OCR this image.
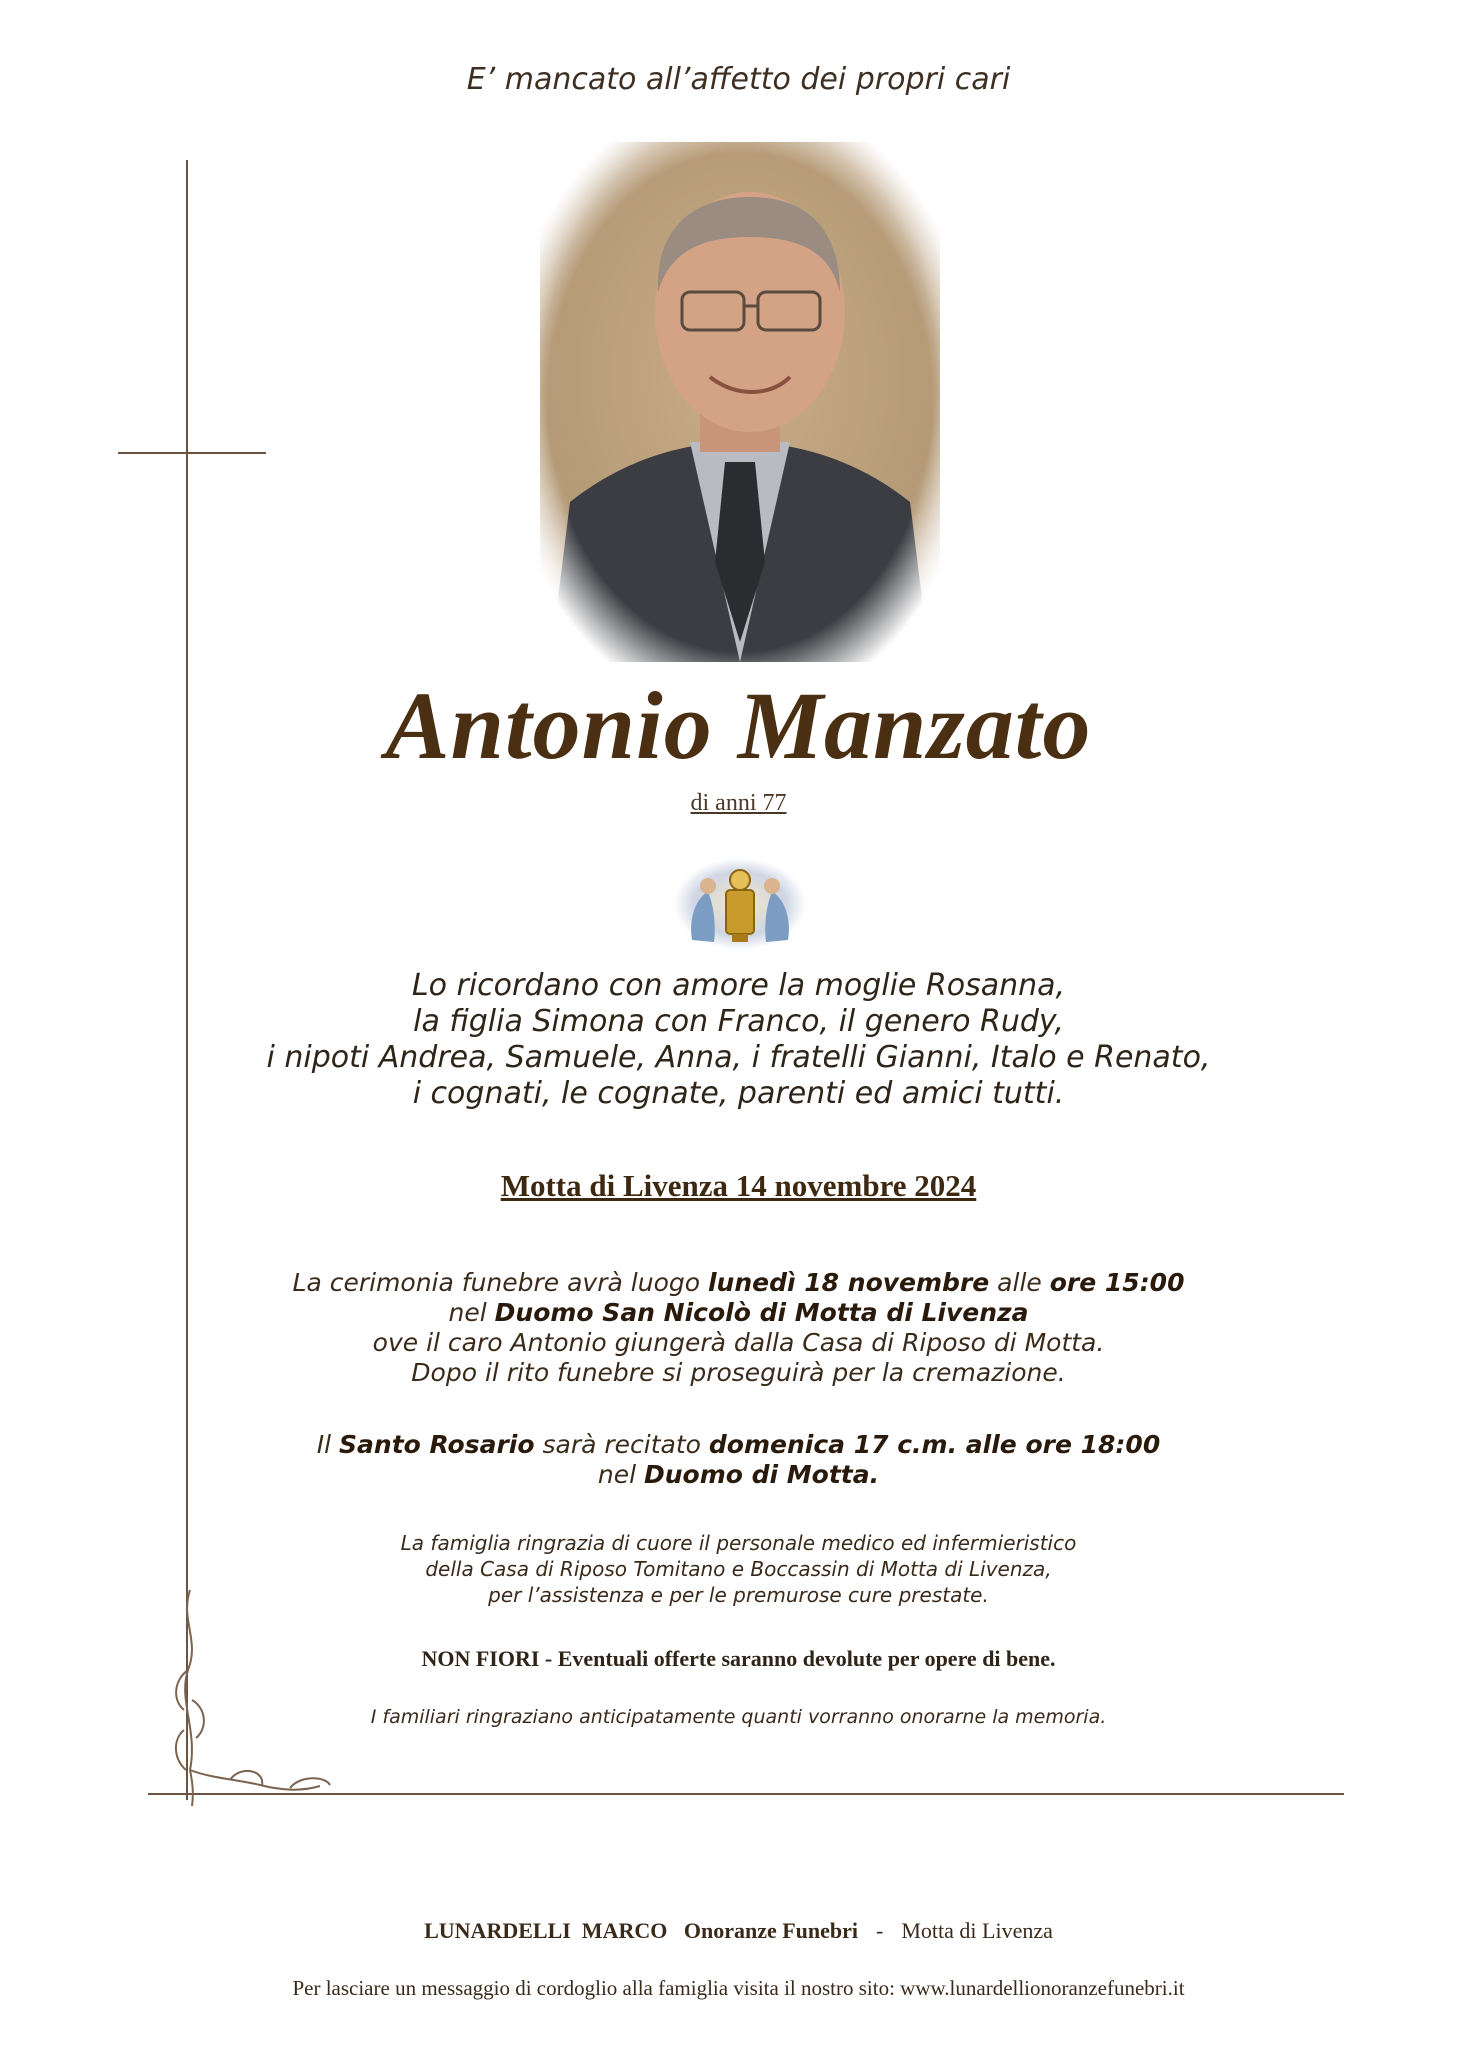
E’ mancato all’affetto dei propri cari
Antonio Manzato
di anni 77
Lo ricordano con amore la moglie Rosanna,
la figlia Simona con Franco, il genero Rudy,
i nipoti Andrea, Samuele, Anna, i fratelli Gianni, Italo e Renato,
i cognati, le cognate, parenti ed amici tutti.
Motta di Livenza 14 novembre 2024
La cerimonia funebre avrà luogo lunedì 18 novembre alle ore 15:00
nel Duomo San Nicolò di Motta di Livenza
ove il caro Antonio giungerà dalla Casa di Riposo di Motta.
Dopo il rito funebre si proseguirà per la cremazione.
Il Santo Rosario sarà recitato domenica 17 c.m. alle ore 18:00
nel Duomo di Motta.
La famiglia ringrazia di cuore il personale medico ed infermieristico
della Casa di Riposo Tomitano e Boccassin di Motta di Livenza,
per l’assistenza e per le premurose cure prestate.
NON FIORI - Eventuali offerte saranno devolute per opere di bene.
I familiari ringraziano anticipatamente quanti vorranno onorarne la memoria.
LUNARDELLI  MARCO Onoranze Funebri - Motta di Livenza
Per lasciare un messaggio di cordoglio alla famiglia visita il nostro sito: www.lunardellionoranzefunebri.it
